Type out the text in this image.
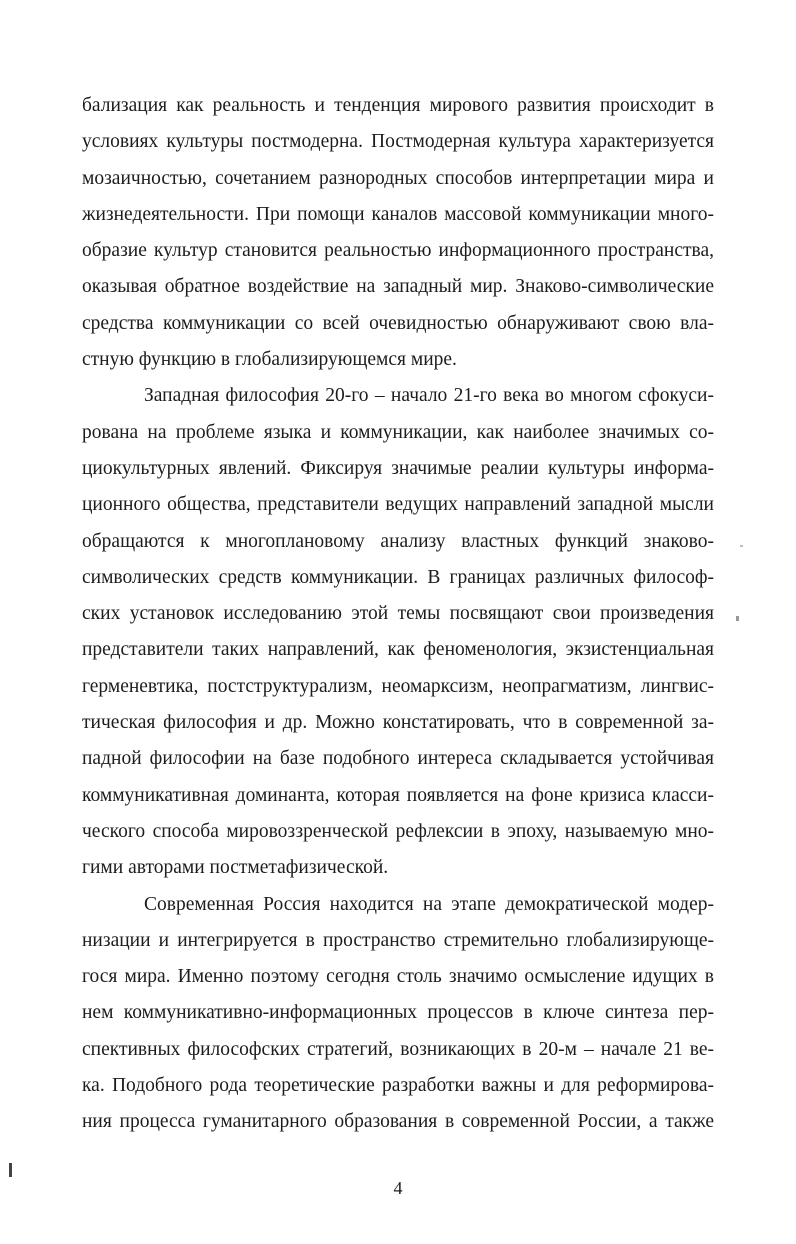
бализация как реальность и тенденция мирового развития происходит в
условиях культуры постмодерна. Постмодерная культура характеризуется
мозаичностью, сочетанием разнородных способов интерпретации мира и
жизнедеятельности. При помощи каналов массовой коммуникации много-
образие культур становится реальностью информационного пространства,
оказывая обратное воздействие на западный мир. Знаково-символические
средства коммуникации со всей очевидностью обнаруживают свою вла-
стную функцию в глобализирующемся мире.
Западная философия 20-го – начало 21-го века во многом сфокуси-
рована на проблеме языка и коммуникации, как наиболее значимых со-
циокультурных явлений. Фиксируя значимые реалии культуры информа-
ционного общества, представители ведущих направлений западной мысли
обращаются к многоплановому анализу властных функций знаково-
символических средств коммуникации. В границах различных философ-
ских установок исследованию этой темы посвящают свои произведения
представители таких направлений, как феноменология, экзистенциальная
герменевтика, постструктурализм, неомарксизм, неопрагматизм, лингвис-
тическая философия и др. Можно констатировать, что в современной за-
падной философии на базе подобного интереса складывается устойчивая
коммуникативная доминанта, которая появляется на фоне кризиса класси-
ческого способа мировоззренческой рефлексии в эпоху, называемую мно-
гими авторами постметафизической.
Современная Россия находится на этапе демократической модер-
низации и интегрируется в пространство стремительно глобализирующе-
гося мира. Именно поэтому сегодня столь значимо осмысление идущих в
нем коммуникативно-информационных процессов в ключе синтеза пер-
спективных философских стратегий, возникающих в 20-м – начале 21 ве-
ка. Подобного рода теоретические разработки важны и для реформирова-
ния процесса гуманитарного образования в современной России, а также
4
